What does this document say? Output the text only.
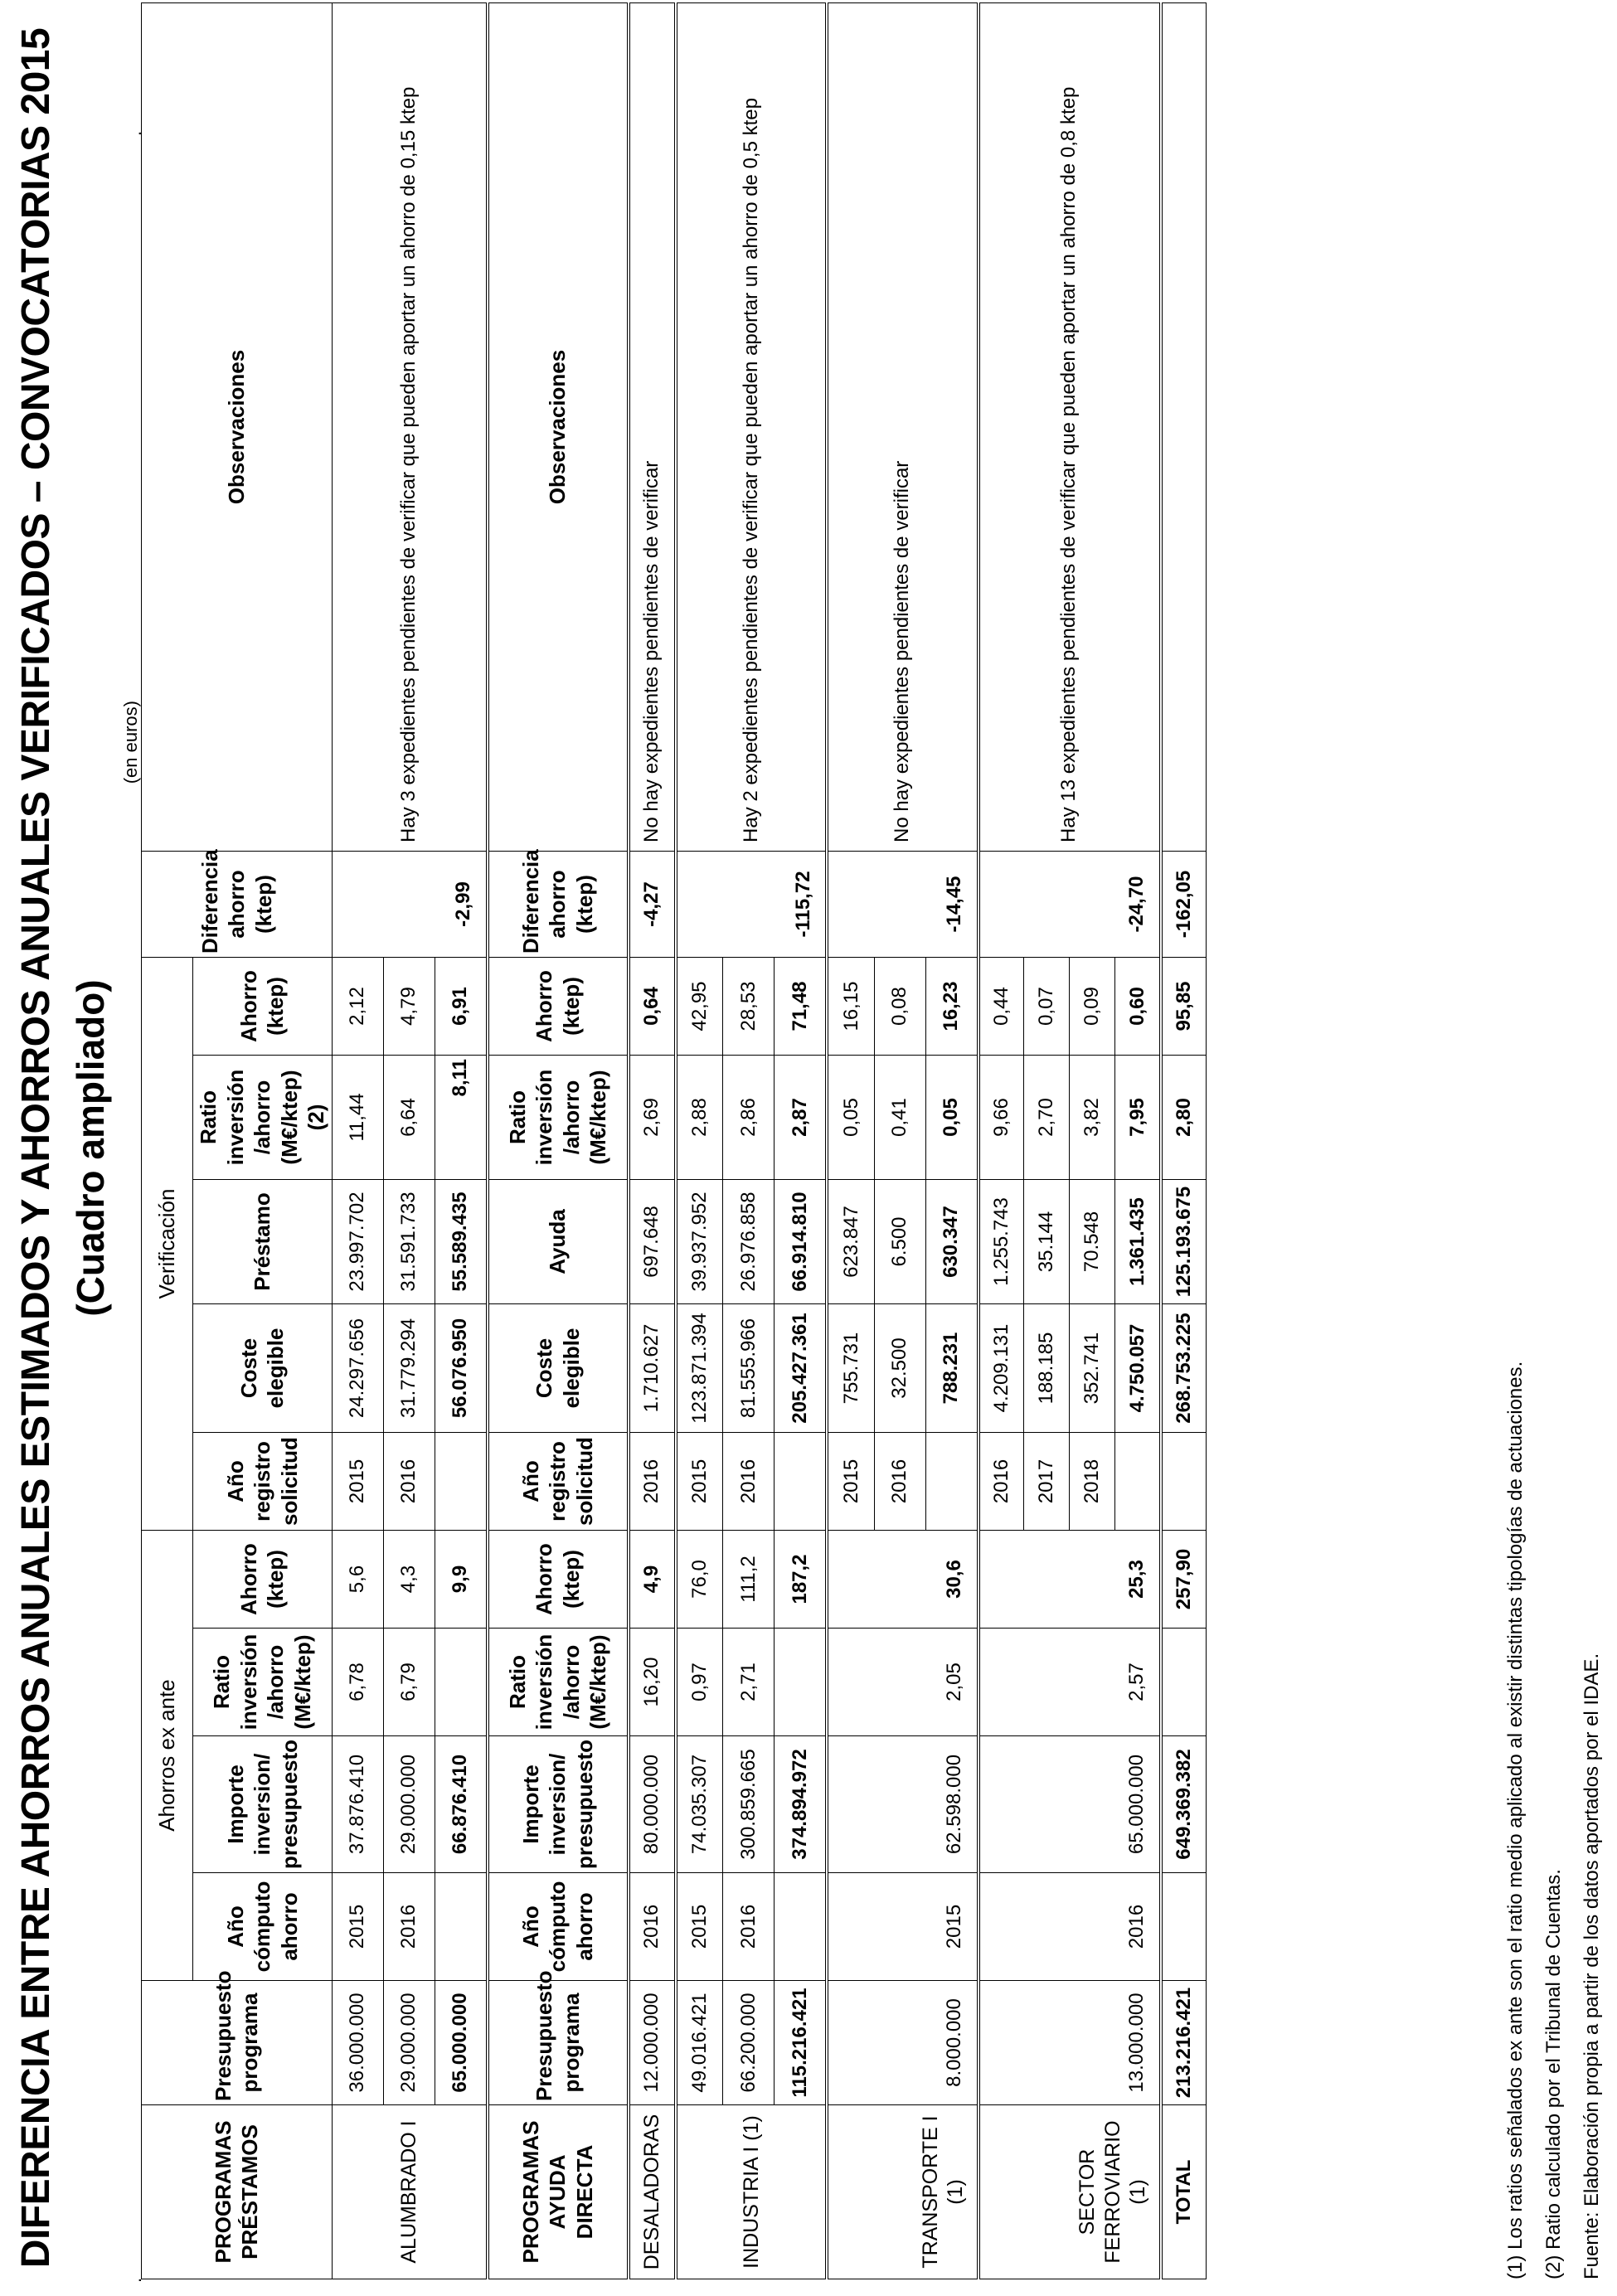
DIFERENCIA ENTRE AHORROS ANUALES ESTIMADOS Y AHORROS ANUALES VERIFICADOS – CONVOCATORIAS 2015 (Cuadro ampliado)
.
.
(en euros)
PROGRAMAS PRÉSTAMOS	Presupuesto programa	Ahorros ex ante				Verificación					Diferencia ahorro (ktep)	Observaciones
		Año cómputo ahorro	Importe inversion/ presupuesto	Ratio inversión /ahorro (M€/ktep)	Ahorro (ktep)	Año registro solicitud	Coste elegible	Préstamo	Ratio inversión /ahorro (M€/ktep) (2)	Ahorro (ktep)		
ALUMBRADO I	36.000.000	2015	37.876.410	6,78	5,6	2015	24.297.656	23.997.702	11,44	2,12	-2,99	Hay 3 expedientes pendientes de verificar que pueden aportar un ahorro de 0,15 ktep
	29.000.000	2016	29.000.000	6,79	4,3	2016	31.779.294	31.591.733	6,64	4,79		
	65.000.000		66.876.410		9,9		56.076.950	55.589.435	8,11	6,91		
PROGRAMAS AYUDA DIRECTA	Presupuesto programa	Año cómputo ahorro	Importe inversion/ presupuesto	Ratio inversión /ahorro (M€/ktep)	Ahorro (ktep)	Año registro solicitud	Coste elegible	Ayuda	Ratio inversión /ahorro (M€/ktep)	Ahorro (ktep)	Diferencia ahorro (ktep)	Observaciones
DESALADORAS	12.000.000	2016	80.000.000	16,20	4,9	2016	1.710.627	697.648	2,69	0,64	-4,27	No hay expedientes pendientes de verificar
INDUSTRIA I (1)	49.016.421	2015	74.035.307	0,97	76,0	2015	123.871.394	39.937.952	2,88	42,95	-115,72	Hay 2 expedientes pendientes de verificar que pueden aportar un ahorro de 0,5 ktep
	66.200.000	2016	300.859.665	2,71	111,2	2016	81.555.966	26.976.858	2,86	28,53		
	115.216.421		374.894.972		187,2		205.427.361	66.914.810	2,87	71,48		
TRANSPORTE I (1)	8.000.000	2015	62.598.000	2,05	30,6	2015	755.731	623.847	0,05	16,15	-14,45	No hay expedientes pendientes de verificar
						2016	32.500	6.500	0,41	0,08		
							788.231	630.347	0,05	16,23		
SECTOR FERROVIARIO (1)	13.000.000	2016	65.000.000	2,57	25,3	2016	4.209.131	1.255.743	9,66	0,44	-24,70	Hay 13 expedientes pendientes de verificar que pueden aportar un ahorro de 0,8 ktep
						2017	188.185	35.144	2,70	0,07		
						2018	352.741	70.548	3,82	0,09		
							4.750.057	1.361.435	7,95	0,60		
TOTAL	213.216.421		649.369.382		257,90		268.753.225	125.193.675	2,80	95,85	-162,05	
(1) Los ratios señalados ex ante son el ratio medio aplicado al existir distintas tipologías de actuaciones. (2) Ratio calculado por el Tribunal de Cuentas. Fuente: Elaboración propia a partir de los datos aportados por el IDAE.
